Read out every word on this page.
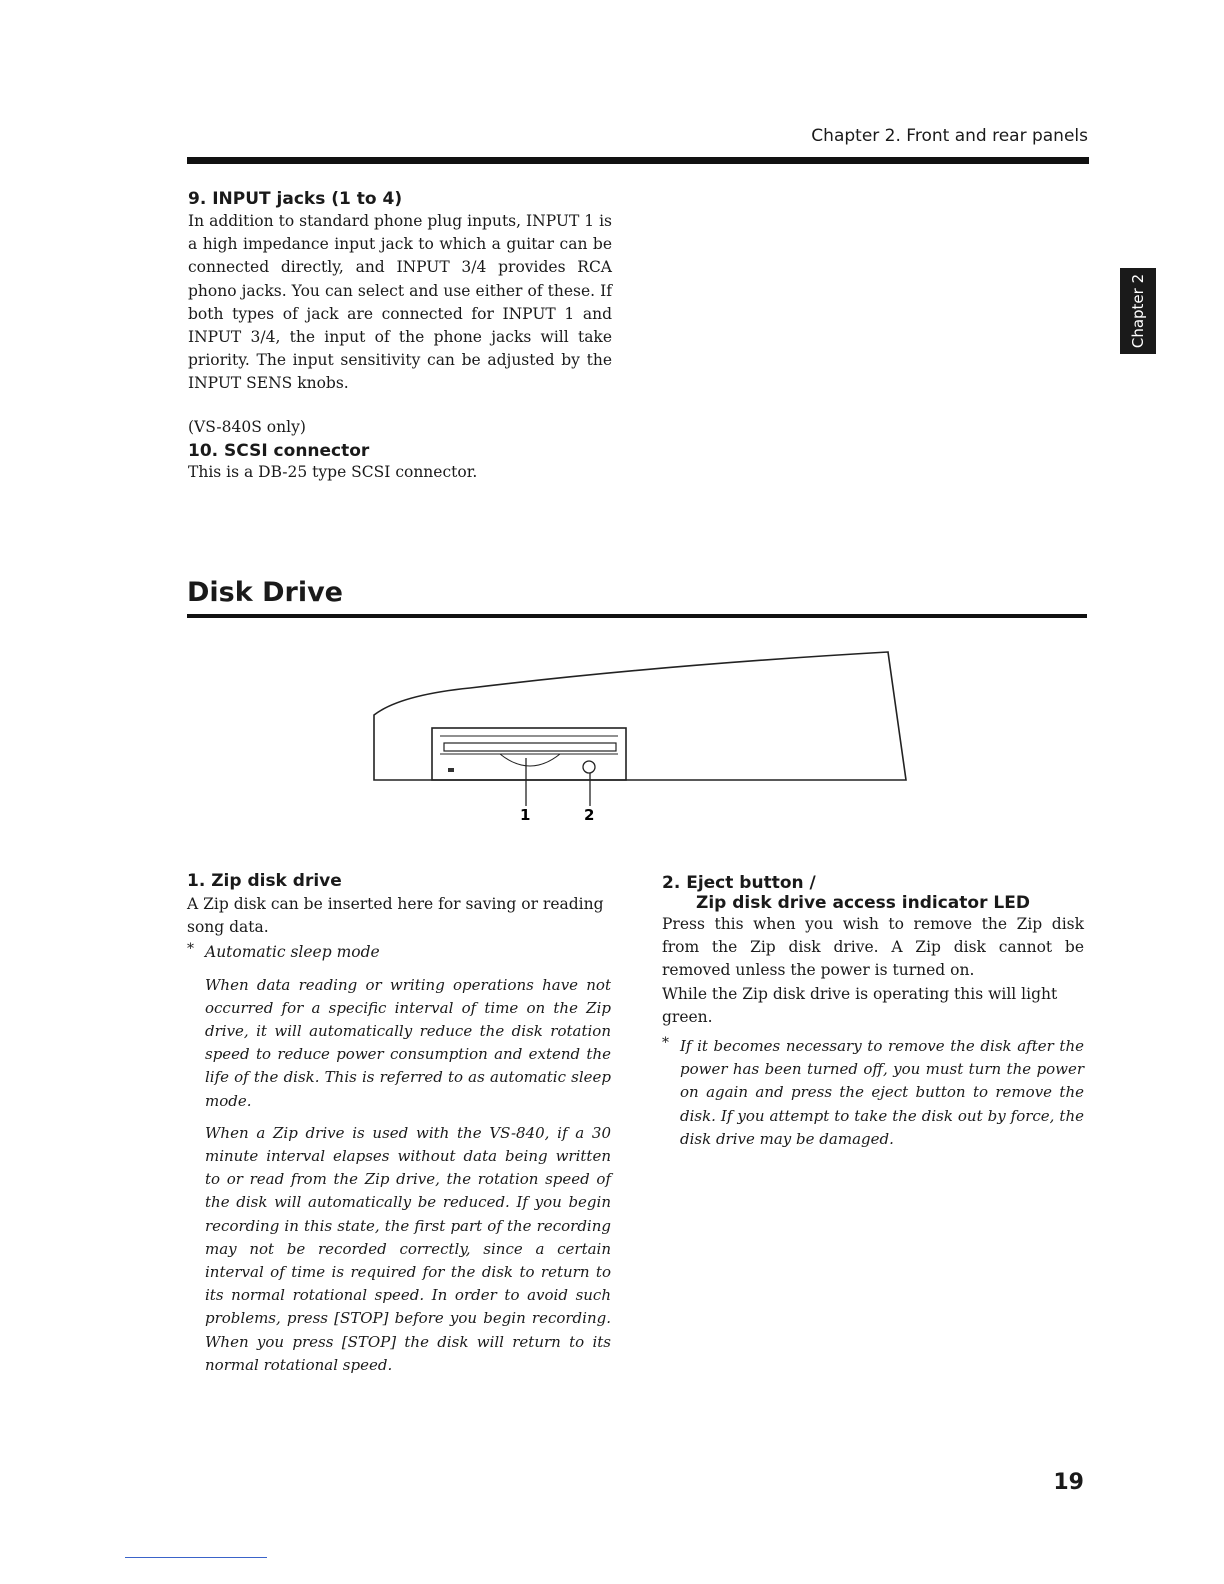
Chapter 2. Front and rear panels
Chapter 2

9. INPUT jacks (1 to 4)

In addition to standard phone plug inputs, INPUT 1 is a high impedance input jack to which a guitar can be connected directly, and INPUT 3/4 provides RCA phono jacks. You can select and use either of these. If both types of jack are connected for INPUT 1 and INPUT 3/4, the input of the phone jacks will take priority. The input sensitivity can be adjusted by the INPUT SENS knobs.

(VS-840S only)

10. SCSI connector

This is a DB-25 type SCSI connector.

Disk Drive
1	2

1. Zip disk drive

A Zip disk can be inserted here for saving or reading song data.

* Automatic sleep mode

When data reading or writing operations have not occurred for a specific interval of time on the Zip drive, it will automatically reduce the disk rotation speed to reduce power consumption and extend the life of the disk. This is referred to as automatic sleep mode.

When a Zip drive is used with the VS-840, if a 30 minute interval elapses without data being written to or read from the Zip drive, the rotation speed of the disk will automatically be reduced. If you begin recording in this state, the first part of the recording may not be recorded correctly, since a certain interval of time is required for the disk to return to its normal rotational speed. In order to avoid such problems, press [STOP] before you begin recording. When you press [STOP] the disk will return to its normal rotational speed.

2. Eject button /

Zip disk drive access indicator LED

Press this when you wish to remove the Zip disk from the Zip disk drive. A Zip disk cannot be removed unless the power is turned on.

While the Zip disk drive is operating this will light green.

* If it becomes necessary to remove the disk after the power has been turned off, you must turn the power on again and press the eject button to remove the disk. If you attempt to take the disk out by force, the disk drive may be damaged.
19
